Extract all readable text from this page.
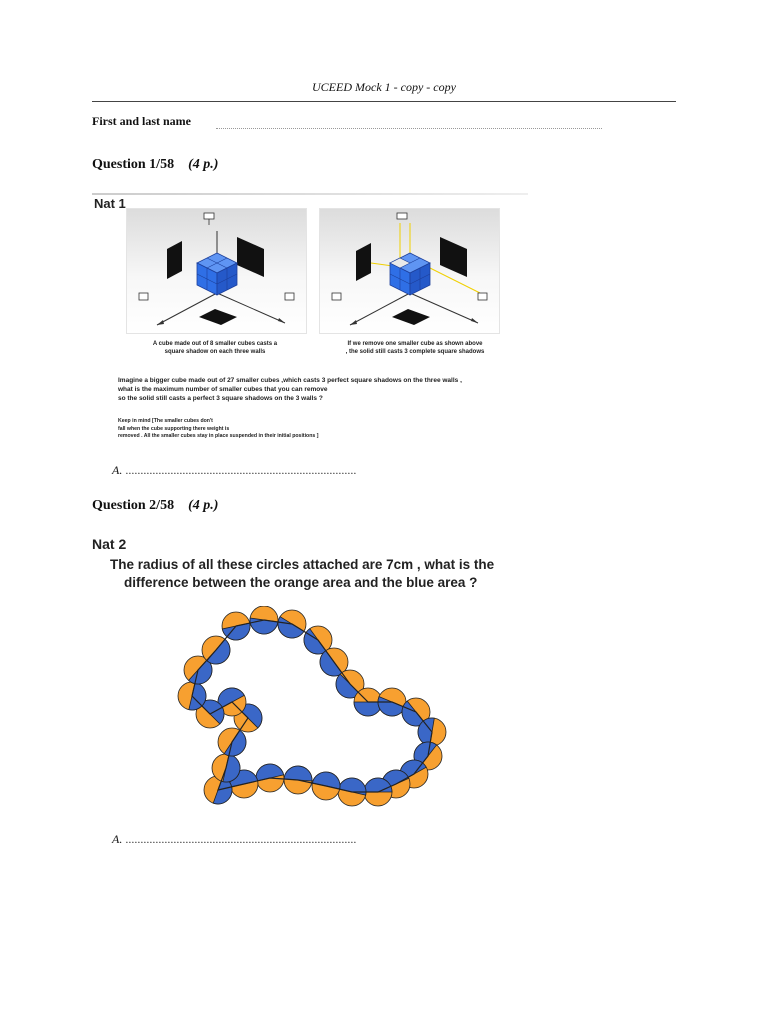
UCEED Mock 1 - copy - copy
First and last name
Question 1/58 (4 p.)
Nat 1
A cube made out of 8 smaller cubes casts a
square shadow on each three walls
If we remove one smaller cube as shown above
, the solid still casts 3 complete square shadows
Imagine a bigger cube made out of 27 smaller cubes ,which casts 3 perfect square shadows on the three walls ,
what is the maximum number of smaller cubes that you can remove
so the solid still casts a perfect 3 square shadows on the 3 walls ?
Keep in mind [The smaller cubes don't
fall when the cube supporting there weight is
removed . All the smaller cubes stay in place suspended in their initial positions ]
A. .............................................................................
Question 2/58 (4 p.)
Nat 2
The radius of all these circles attached are 7cm , what is the
difference between the orange area and the blue area ?
A. .............................................................................
